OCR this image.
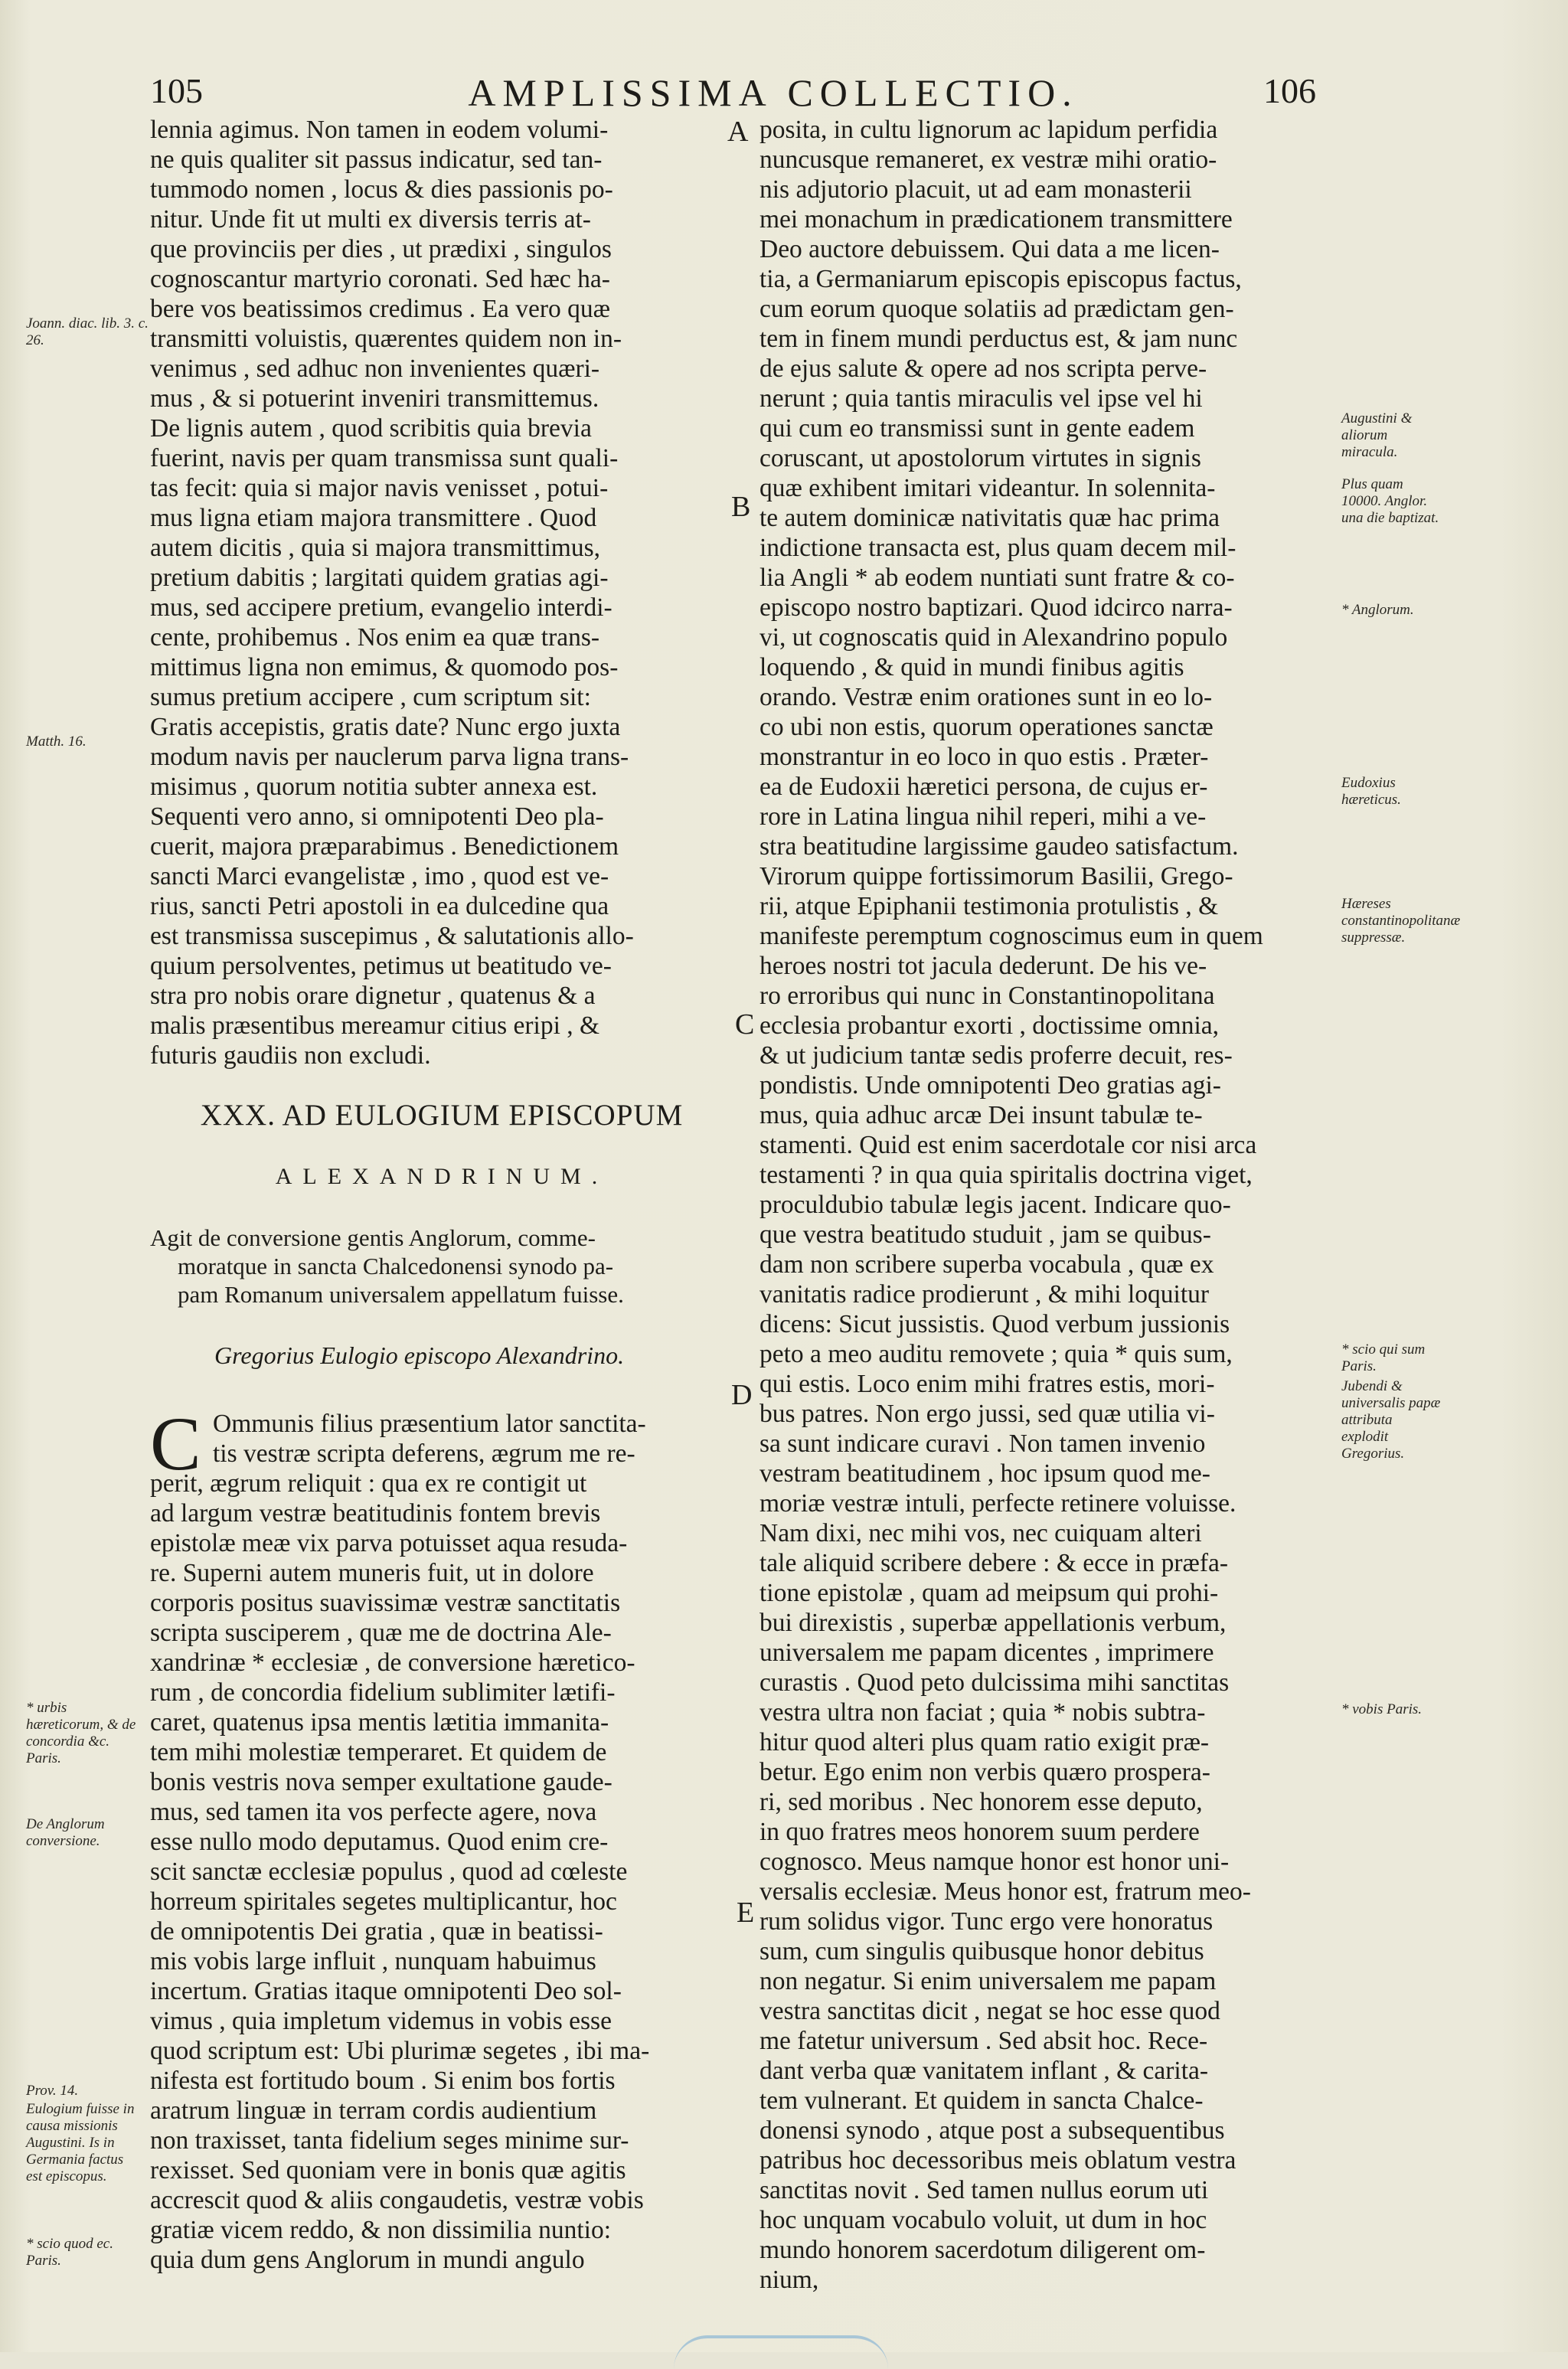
105	AMPLISSIMA COLLECTIO.	106
lennia agimus. Non tamen in eodem volumi-
ne quis qualiter sit passus indicatur, sed tan-
tummodo nomen , locus & dies passionis po-
nitur. Unde fit ut multi ex diversis terris at-
que provinciis per dies , ut prædixi , singulos
cognoscantur martyrio coronati. Sed hæc ha-
bere vos beatissimos credimus . Ea vero quæ
transmitti voluistis, quærentes quidem non in-
venimus , sed adhuc non invenientes quæri-
mus , & si potuerint inveniri transmittemus.
De lignis autem , quod scribitis quia brevia
fuerint, navis per quam transmissa sunt quali-
tas fecit: quia si major navis venisset , potui-
mus ligna etiam majora transmittere . Quod
autem dicitis , quia si majora transmittimus,
pretium dabitis ; largitati quidem gratias agi-
mus, sed accipere pretium, evangelio interdi-
cente, prohibemus . Nos enim ea quæ trans-
mittimus ligna non emimus, & quomodo pos-
sumus pretium accipere , cum scriptum sit:
Gratis accepistis, gratis date? Nunc ergo juxta
modum navis per nauclerum parva ligna trans-
misimus , quorum notitia subter annexa est.
Sequenti vero anno, si omnipotenti Deo pla-
cuerit, majora præparabimus . Benedictionem
sancti Marci evangelistæ , imo , quod est ve-
rius, sancti Petri apostoli in ea dulcedine qua
est transmissa suscepimus , & salutationis allo-
quium persolventes, petimus ut beatitudo ve-
stra pro nobis orare dignetur , quatenus & a
malis præsentibus mereamur citius eripi , &
futuris gaudiis non excludi.
XXX. AD EULOGIUM EPISCOPUM
ALEXANDRINUM.
Agit de conversione gentis Anglorum, comme-
moratque in sancta Chalcedonensi synodo pa-
pam Romanum universalem appellatum fuisse.
Gregorius Eulogio episcopo Alexandrino.
C Ommunis filius præsentium lator sanctita-
tis vestræ scripta deferens, ægrum me re-
perit, ægrum reliquit : qua ex re contigit ut
ad largum vestræ beatitudinis fontem brevis
epistolæ meæ vix parva potuisset aqua resuda-
re. Superni autem muneris fuit, ut in dolore
corporis positus suavissimæ vestræ sanctitatis
scripta susciperem , quæ me de doctrina Ale-
xandrinæ * ecclesiæ , de conversione hæretico-
rum , de concordia fidelium sublimiter lætifi-
caret, quatenus ipsa mentis lætitia immanita-
tem mihi molestiæ temperaret. Et quidem de
bonis vestris nova semper exultatione gaude-
mus, sed tamen ita vos perfecte agere, nova
esse nullo modo deputamus. Quod enim cre-
scit sanctæ ecclesiæ populus , quod ad cœleste
horreum spiritales segetes multiplicantur, hoc
de omnipotentis Dei gratia , quæ in beatissi-
mis vobis large influit , nunquam habuimus
incertum. Gratias itaque omnipotenti Deo sol-
vimus , quia impletum videmus in vobis esse
quod scriptum est: Ubi plurimæ segetes , ibi ma-
nifesta est fortitudo boum . Si enim bos fortis
aratrum linguæ in terram cordis audientium
non traxisset, tanta fidelium seges minime sur-
rexisset. Sed quoniam vere in bonis quæ agitis
accrescit quod & aliis congaudetis, vestræ vobis
gratiæ vicem reddo, & non dissimilia nuntio:
quia dum gens Anglorum in mundi angulo
posita, in cultu lignorum ac lapidum perfidia
nuncusque remaneret, ex vestræ mihi oratio-
nis adjutorio placuit, ut ad eam monasterii
mei monachum in prædicationem transmittere
Deo auctore debuissem. Qui data a me licen-
tia, a Germaniarum episcopis episcopus factus,
cum eorum quoque solatiis ad prædictam gen-
tem in finem mundi perductus est, & jam nunc
de ejus salute & opere ad nos scripta perve-
nerunt ; quia tantis miraculis vel ipse vel hi
qui cum eo transmissi sunt in gente eadem
coruscant, ut apostolorum virtutes in signis
quæ exhibent imitari videantur. In solennita-
te autem dominicæ nativitatis quæ hac prima
indictione transacta est, plus quam decem mil-
lia Angli * ab eodem nuntiati sunt fratre & co-
episcopo nostro baptizari. Quod idcirco narra-
vi, ut cognoscatis quid in Alexandrino populo
loquendo , & quid in mundi finibus agitis
orando. Vestræ enim orationes sunt in eo lo-
co ubi non estis, quorum operationes sanctæ
monstrantur in eo loco in quo estis . Præter-
ea de Eudoxii hæretici persona, de cujus er-
rore in Latina lingua nihil reperi, mihi a ve-
stra beatitudine largissime gaudeo satisfactum.
Virorum quippe fortissimorum Basilii, Grego-
rii, atque Epiphanii testimonia protulistis , &
manifeste peremptum cognoscimus eum in quem
heroes nostri tot jacula dederunt. De his ve-
ro erroribus qui nunc in Constantinopolitana
ecclesia probantur exorti , doctissime omnia,
& ut judicium tantæ sedis proferre decuit, res-
pondistis. Unde omnipotenti Deo gratias agi-
mus, quia adhuc arcæ Dei insunt tabulæ te-
stamenti. Quid est enim sacerdotale cor nisi arca
testamenti ? in qua quia spiritalis doctrina viget,
proculdubio tabulæ legis jacent. Indicare quo-
que vestra beatitudo studuit , jam se quibus-
dam non scribere superba vocabula , quæ ex
vanitatis radice prodierunt , & mihi loquitur
dicens: Sicut jussistis. Quod verbum jussionis
peto a meo auditu removete ; quia * quis sum,
qui estis. Loco enim mihi fratres estis, mori-
bus patres. Non ergo jussi, sed quæ utilia vi-
sa sunt indicare curavi . Non tamen invenio
vestram beatitudinem , hoc ipsum quod me-
moriæ vestræ intuli, perfecte retinere voluisse.
Nam dixi, nec mihi vos, nec cuiquam alteri
tale aliquid scribere debere : & ecce in præfa-
tione epistolæ , quam ad meipsum qui prohi-
bui direxistis , superbæ appellationis verbum,
universalem me papam dicentes , imprimere
curastis . Quod peto dulcissima mihi sanctitas
vestra ultra non faciat ; quia * nobis subtra-
hitur quod alteri plus quam ratio exigit præ-
betur. Ego enim non verbis quæro prospera-
ri, sed moribus . Nec honorem esse deputo,
in quo fratres meos honorem suum perdere
cognosco. Meus namque honor est honor uni-
versalis ecclesiæ. Meus honor est, fratrum meo-
rum solidus vigor. Tunc ergo vere honoratus
sum, cum singulis quibusque honor debitus
non negatur. Si enim universalem me papam
vestra sanctitas dicit , negat se hoc esse quod
me fatetur universum . Sed absit hoc. Rece-
dant verba quæ vanitatem inflant , & carita-
tem vulnerant. Et quidem in sancta Chalce-
donensi synodo , atque post a subsequentibus
patribus hoc decessoribus meis oblatum vestra
sanctitas novit . Sed tamen nullus eorum uti
hoc unquam vocabulo voluit, ut dum in hoc
mundo honorem sacerdotum diligerent om-
nium,
A
B
C
D
E
Joann. diac. lib. 3. c. 26.
Matth. 16.
* urbis hæreticorum, & de concordia &c. Paris.
De Anglorum conversione.
Prov. 14.
Eulogium fuisse in causa missionis Augustini. Is in Germania factus est episcopus.
* scio quod ec. Paris.
Augustini & aliorum miracula.
Plus quam 10000. Anglor. una die baptizat.
* Anglorum.
Eudoxius hæreticus.
Hæreses constantinopolitanæ suppressæ.
* scio qui sum Paris.
Jubendi & universalis papæ attributa explodit Gregorius.
* vobis Paris.
